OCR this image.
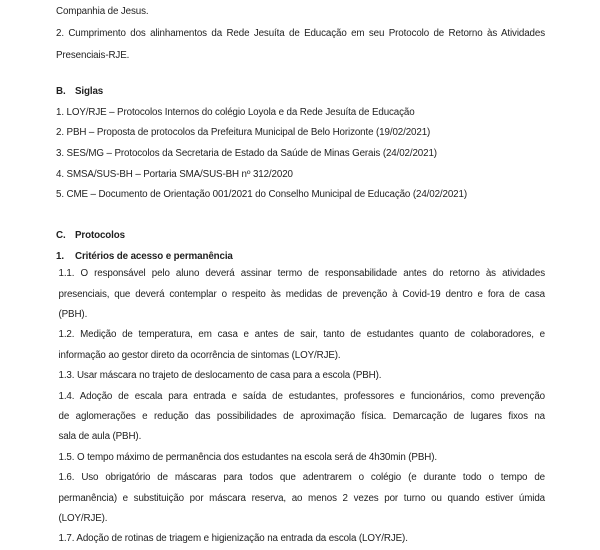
Companhia de Jesus.
2. Cumprimento dos alinhamentos da Rede Jesuíta de Educação em seu Protocolo de Retorno às Atividades
Presenciais-RJE.
B. Siglas
1. LOY/RJE – Protocolos Internos do colégio Loyola e da Rede Jesuíta de Educação
2. PBH – Proposta de protocolos da Prefeitura Municipal de Belo Horizonte (19/02/2021)
3. SES/MG – Protocolos da Secretaria de Estado da Saúde de Minas Gerais (24/02/2021)
4. SMSA/SUS-BH – Portaria SMA/SUS-BH nº 312/2020
5. CME – Documento de Orientação 001/2021 do Conselho Municipal de Educação (24/02/2021)
C. Protocolos
1. Critérios de acesso e permanência
1.1. O responsável pelo aluno deverá assinar termo de responsabilidade antes do retorno às atividades
presenciais, que deverá contemplar o respeito às medidas de prevenção à Covid-19 dentro e fora de casa
(PBH).
1.2. Medição de temperatura, em casa e antes de sair, tanto de estudantes quanto de colaboradores, e
informação ao gestor direto da ocorrência de sintomas (LOY/RJE).
1.3. Usar máscara no trajeto de deslocamento de casa para a escola (PBH).
1.4. Adoção de escala para entrada e saída de estudantes, professores e funcionários, como prevenção
de aglomerações e redução das possibilidades de aproximação física. Demarcação de lugares fixos na
sala de aula (PBH).
1.5. O tempo máximo de permanência dos estudantes na escola será de 4h30min (PBH).
1.6. Uso obrigatório de máscaras para todos que adentrarem o colégio (e durante todo o tempo de
permanência) e substituição por máscara reserva, ao menos 2 vezes por turno ou quando estiver úmida
(LOY/RJE).
1.7. Adoção de rotinas de triagem e higienização na entrada da escola (LOY/RJE).
